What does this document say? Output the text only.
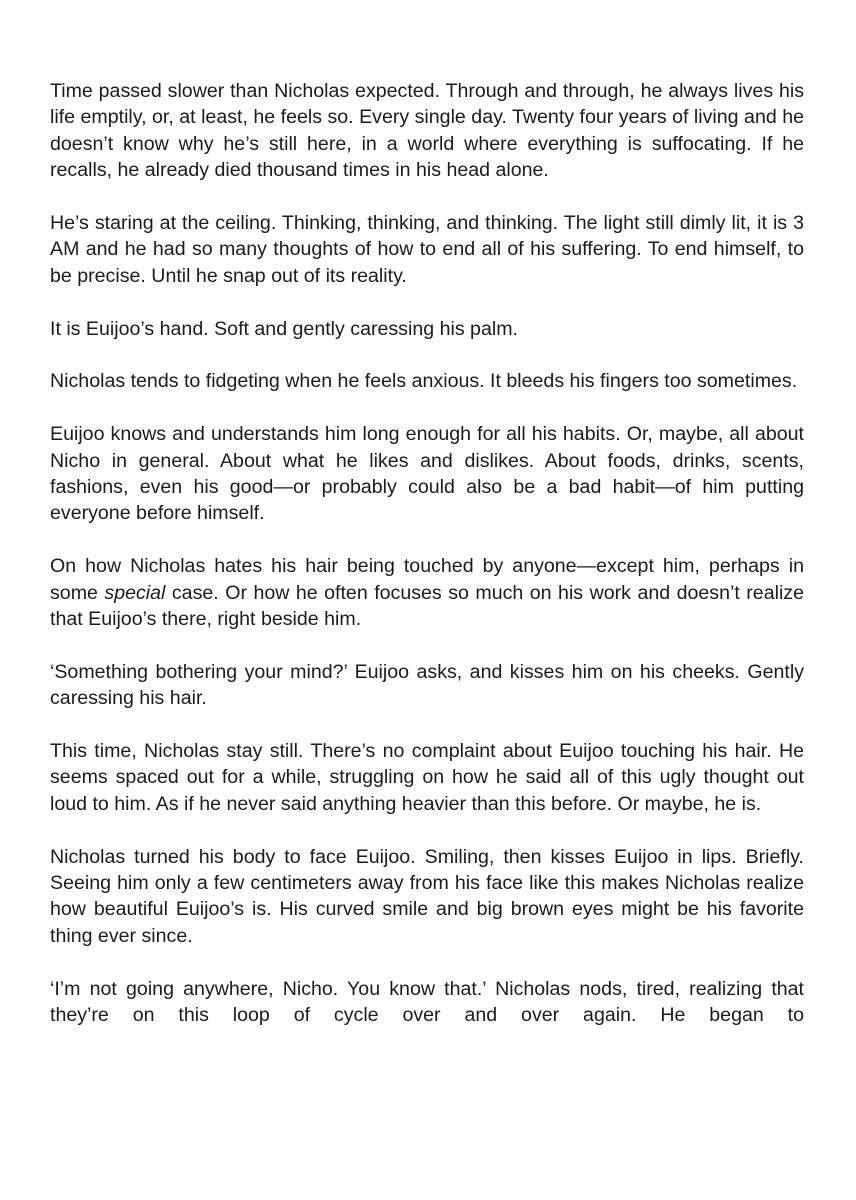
Time passed slower than Nicholas expected. Through and through, he always lives his life emptily, or, at least, he feels so. Every single day. Twenty four years of living and he doesn’t know why he’s still here, in a world where everything is suffocating. If he recalls, he already died thousand times in his head alone.

He’s staring at the ceiling. Thinking, thinking, and thinking. The light still dimly lit, it is 3 AM and he had so many thoughts of how to end all of his suffering. To end himself, to be precise. Until he snap out of its reality.

It is Euijoo’s hand. Soft and gently caressing his palm.

Nicholas tends to fidgeting when he feels anxious. It bleeds his fingers too sometimes.

Euijoo knows and understands him long enough for all his habits. Or, maybe, all about Nicho in general. About what he likes and dislikes. About foods, drinks, scents, fashions, even his good—or probably could also be a bad habit—of him putting everyone before himself.

On how Nicholas hates his hair being touched by anyone—except him, perhaps in some special case. Or how he often focuses so much on his work and doesn’t realize that Euijoo’s there, right beside him.

‘Something bothering your mind?’ Euijoo asks, and kisses him on his cheeks. Gently caressing his hair.

This time, Nicholas stay still. There’s no complaint about Euijoo touching his hair. He seems spaced out for a while, struggling on how he said all of this ugly thought out loud to him. As if he never said anything heavier than this before. Or maybe, he is.

Nicholas turned his body to face Euijoo. Smiling, then kisses Euijoo in lips. Briefly. Seeing him only a few centimeters away from his face like this makes Nicholas realize how beautiful Euijoo’s is. His curved smile and big brown eyes might be his favorite thing ever since.

‘I’m not going anywhere, Nicho. You know that.’ Nicholas nods, tired, realizing that they’re on this loop of cycle over and over again. He began to
